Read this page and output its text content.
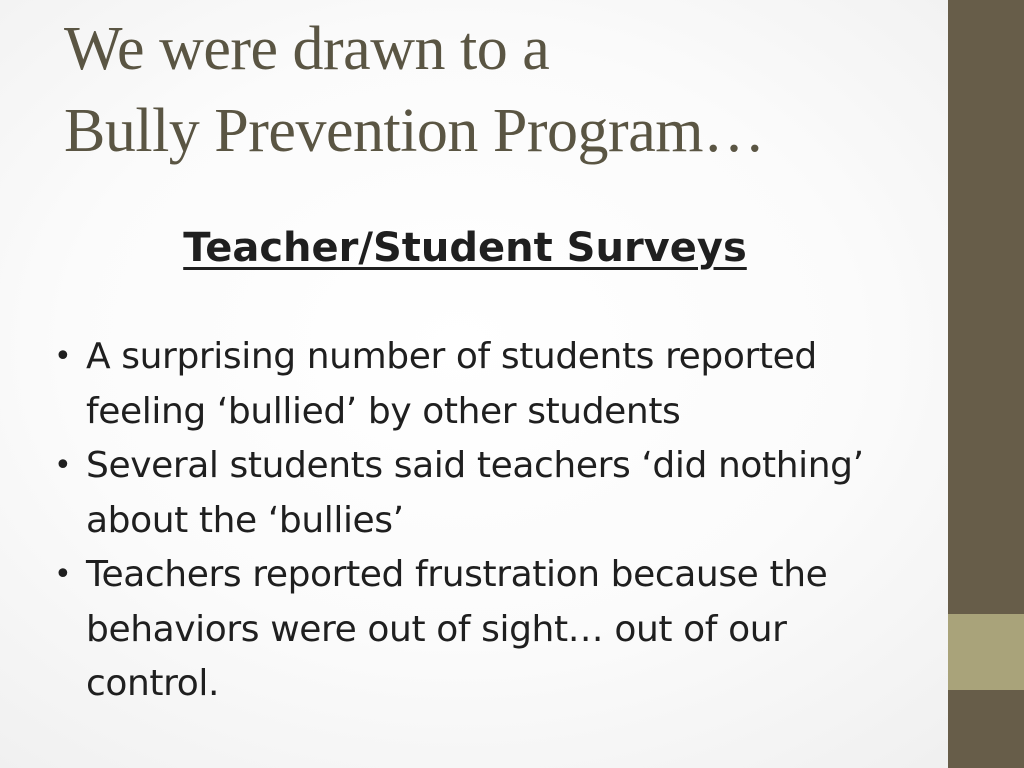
We were drawn to a
Bully Prevention Program…
Teacher/Student Surveys
• A surprising number of students reported feeling ‘bullied’ by other students
• Several students said teachers ‘did nothing’ about the ‘bullies’
• Teachers reported frustration because the behaviors were out of sight… out of our control.
